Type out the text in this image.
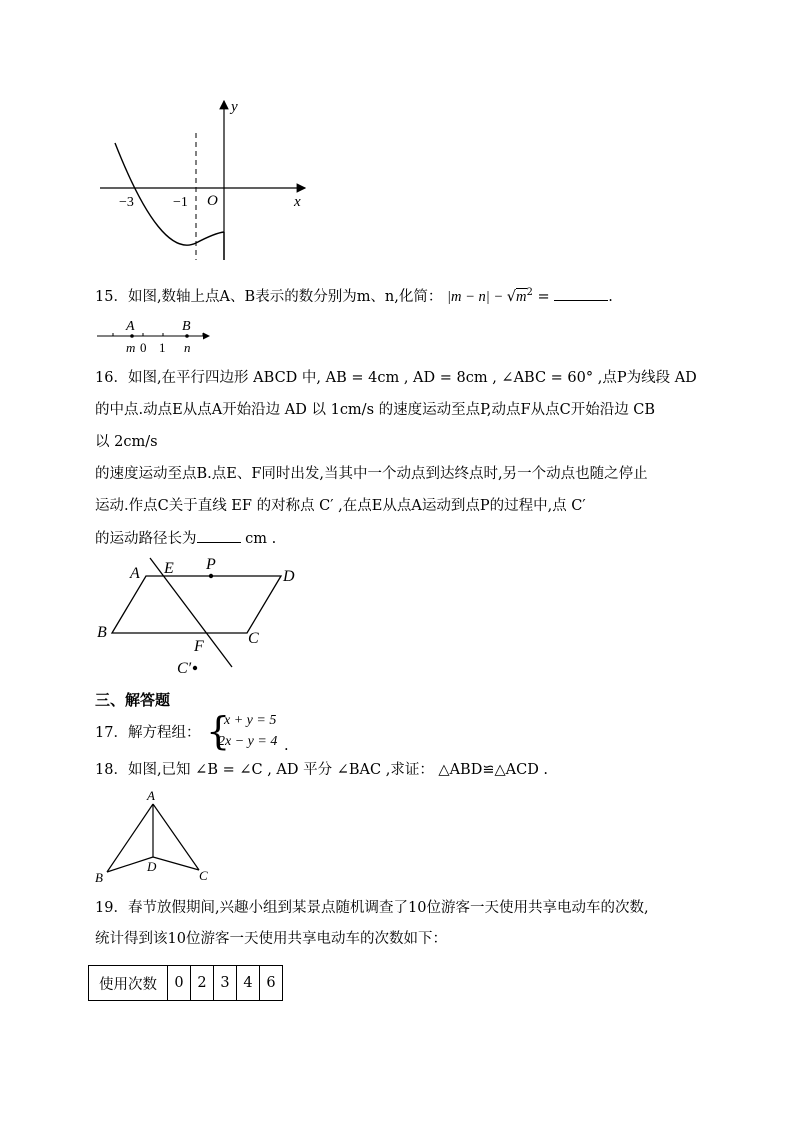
y
x
O
−3	−1
15．如图,数轴上点A、B表示的数分别为m、n,化简： $|m - n| - √m^2$ =	.
A	B
m 0 1 n
16．如图,在平行四边形 ABCD 中, AB = 4cm , AD = 8cm , ∠ABC = 60° ,点P为线段 AD
的中点.动点E从点A开始沿边 AD 以 1cm/s 的速度运动至点P,动点F从点C开始沿边 CB
以 2cm/s
的速度运动至点B.点E、F同时出发,当其中一个动点到达终点时,另一个动点也随之停止
运动.作点C关于直线 EF 的对称点 C′ ,在点E从点A运动到点P的过程中,点 C′
的运动路径长为	cm .
A E P
D
B
F	C
C′
三、解答题
17．解方程组： {
x + y = 5
2x − y = 4 .
18．如图,已知 ∠B = ∠C , AD 平分 ∠BAC ,求证： △ABD≌△ACD .
A
B
D
C
19．春节放假期间,兴趣小组到某景点随机调查了10位游客一天使用共享电动车的次数,
统计得到该10位游客一天使用共享电动车的次数如下：
使用次数	0	2	3	4	6
